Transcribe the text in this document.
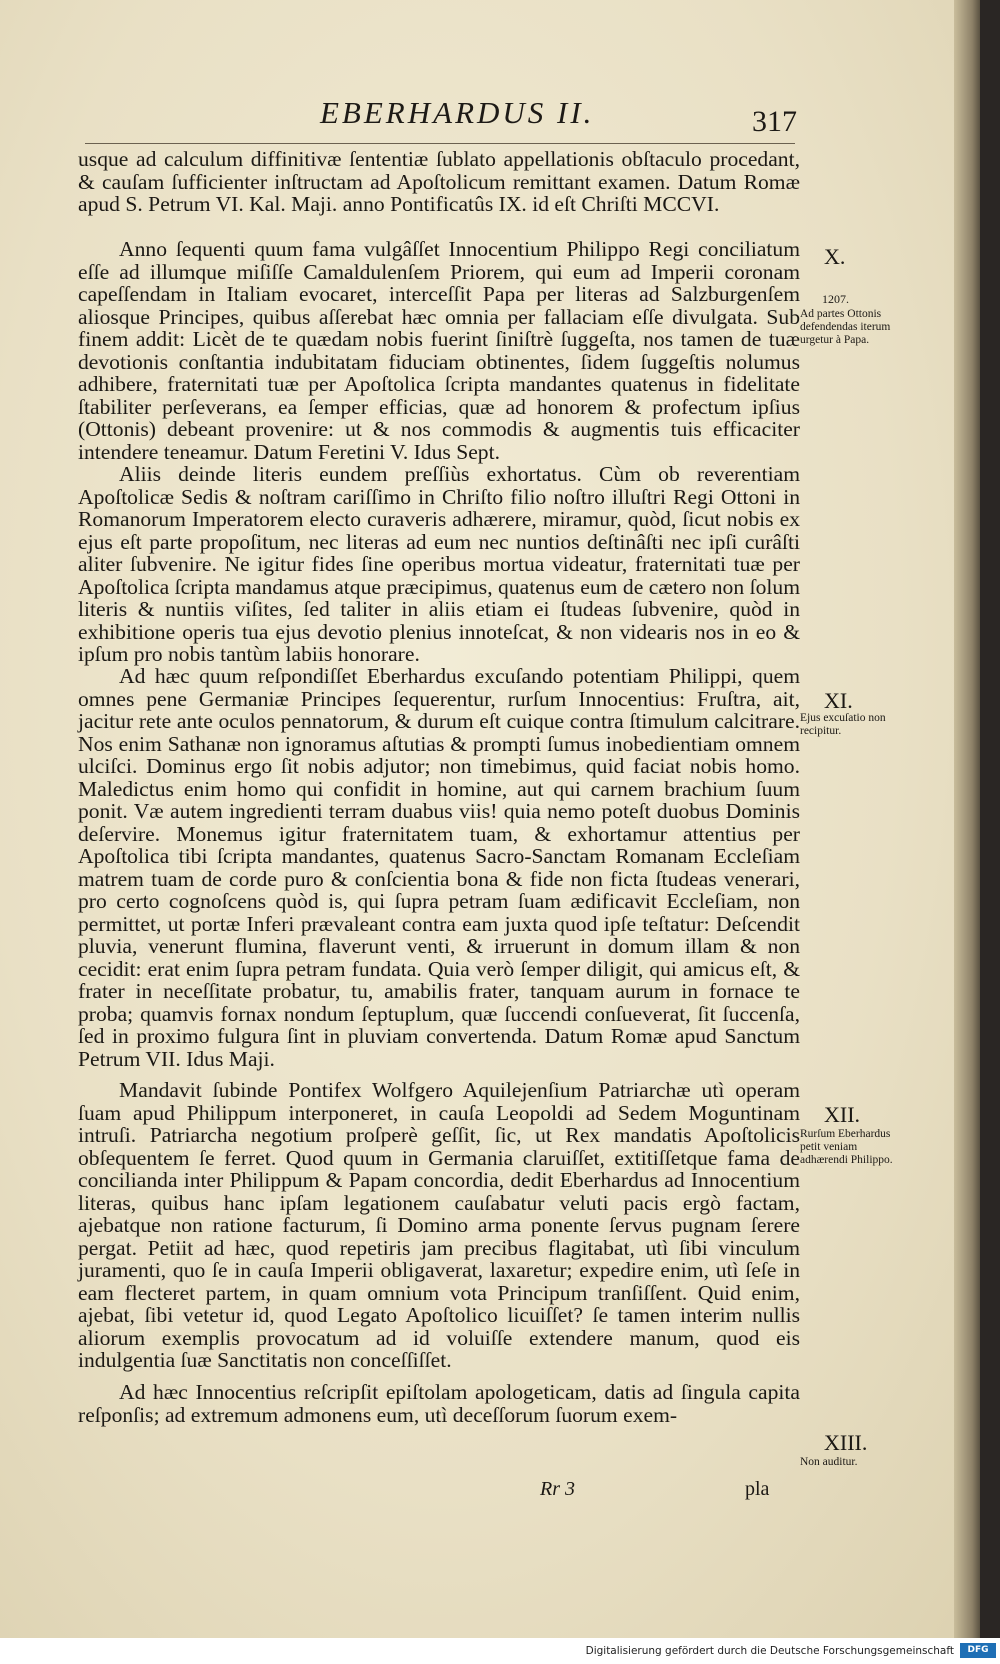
EBERHARDUS II.	317

usque ad calculum diffinitivæ ſententiæ ſublato appellationis obſtaculo procedant, & cauſam ſufficienter inſtructam ad Apoſtolicum remittant examen. Datum Romæ apud S. Petrum VI. Kal. Maji. anno Pontificatûs IX. id eſt Chriſti MCCVI.

Anno ſequenti quum fama vulgâſſet Innocentium Philippo Regi conciliatum eſſe ad illumque miſiſſe Camaldulenſem Priorem, qui eum ad Imperii coronam capeſſendam in Italiam evocaret, interceſſit Papa per literas ad Salzburgenſem aliosque Principes, quibus aſſerebat hæc omnia per fallaciam eſſe divulgata. Sub finem addit: Licèt de te quædam nobis fuerint ſiniſtrè ſuggeſta, nos tamen de tuæ devotionis conſtantia indubitatam fiduciam obtinentes, ſidem ſuggeſtis nolumus adhibere, fraternitati tuæ per Apoſtolica ſcripta mandantes quatenus in fidelitate ſtabiliter perſeverans, ea ſemper efficias, quæ ad honorem & profectum ipſius (Ottonis) debeant provenire: ut & nos commodis & augmentis tuis efficaciter intendere teneamur. Datum Feretini V. Idus Sept.

Aliis deinde literis eundem preſſiùs exhortatus. Cùm ob reverentiam Apoſtolicæ Sedis & noſtram cariſſimo in Chriſto filio noſtro illuſtri Regi Ottoni in Romanorum Imperatorem electo curaveris adhærere, miramur, quòd, ſicut nobis ex ejus eſt parte propoſitum, nec literas ad eum nec nuntios deſtinâſti nec ipſi curâſti aliter ſubvenire. Ne igitur fides ſine operibus mortua videatur, fraternitati tuæ per Apoſtolica ſcripta mandamus atque præcipimus, quatenus eum de cætero non ſolum literis & nuntiis viſites, ſed taliter in aliis etiam ei ſtudeas ſubvenire, quòd in exhibitione operis tua ejus devotio plenius innoteſcat, & non videaris nos in eo & ipſum pro nobis tantùm labiis honorare.

Ad hæc quum reſpondiſſet Eberhardus excuſando potentiam Philippi, quem omnes pene Germaniæ Principes ſequerentur, rurſum Innocentius: Fruſtra, ait, jacitur rete ante oculos pennatorum, & durum eſt cuique contra ſtimulum calcitrare. Nos enim Sathanæ non ignoramus aſtutias & prompti ſumus inobedientiam omnem ulciſci. Dominus ergo ſit nobis adjutor; non timebimus, quid faciat nobis homo. Maledictus enim homo qui confidit in homine, aut qui carnem brachium ſuum ponit. Væ autem ingredienti terram duabus viis! quia nemo poteſt duobus Dominis deſervire. Monemus igitur fraternitatem tuam, & exhortamur attentius per Apoſtolica tibi ſcripta mandantes, quatenus Sacro-Sanctam Romanam Eccleſiam matrem tuam de corde puro & conſcientia bona & fide non ficta ſtudeas venerari, pro certo cognoſcens quòd is, qui ſupra petram ſuam ædificavit Eccleſiam, non permittet, ut portæ Inferi prævaleant contra eam juxta quod ipſe teſtatur: Deſcendit pluvia, venerunt flumina, flaverunt venti, & irruerunt in domum illam & non cecidit: erat enim ſupra petram fundata. Quia verò ſemper diligit, qui amicus eſt, & frater in neceſſitate probatur, tu, amabilis frater, tanquam aurum in fornace te proba; quamvis fornax nondum ſeptuplum, quæ ſuccendi conſueverat, ſit ſuccenſa, ſed in proximo fulgura ſint in pluviam convertenda. Datum Romæ apud Sanctum Petrum VII. Idus Maji.

Mandavit ſubinde Pontifex Wolfgero Aquilejenſium Patriarchæ utì operam ſuam apud Philippum interponeret, in cauſa Leopoldi ad Sedem Moguntinam intruſi. Patriarcha negotium proſperè geſſit, ſic, ut Rex mandatis Apoſtolicis obſequentem ſe ferret. Quod quum in Germania claruiſſet, extitiſſetque fama de concilianda inter Philippum & Papam concordia, dedit Eberhardus ad Innocentium literas, quibus hanc ipſam legationem cauſabatur veluti pacis ergò factam, ajebatque non ratione facturum, ſi Domino arma ponente ſervus pugnam ſerere pergat. Petiit ad hæc, quod repetiris jam precibus flagitabat, utì ſibi vinculum juramenti, quo ſe in cauſa Imperii obligaverat, laxaretur; expedire enim, utì ſeſe in eam flecteret partem, in quam omnium vota Principum tranſiſſent. Quid enim, ajebat, ſibi vetetur id, quod Legato Apoſtolico licuiſſet? ſe tamen interim nullis aliorum exemplis provocatum ad id voluiſſe extendere manum, quod eis indulgentia ſuæ Sanctitatis non conceſſiſſet.

Ad hæc Innocentius reſcripſit epiſtolam apologeticam, datis ad ſingula capita reſponſis; ad extremum admonens eum, utì deceſſorum ſuorum exem-

X.
1207.
Ad partes Ottonis defendendas iterum urgetur à Papa.
XI.
Ejus excuſatio non recipitur.
XII.
Rurſum Eberhardus petit veniam adhærendi Philippo.
XIII.
Non auditur.
Rr 3	pla
Digitalisierung gefördert durch die Deutsche Forschungsgemeinschaft	DFG
